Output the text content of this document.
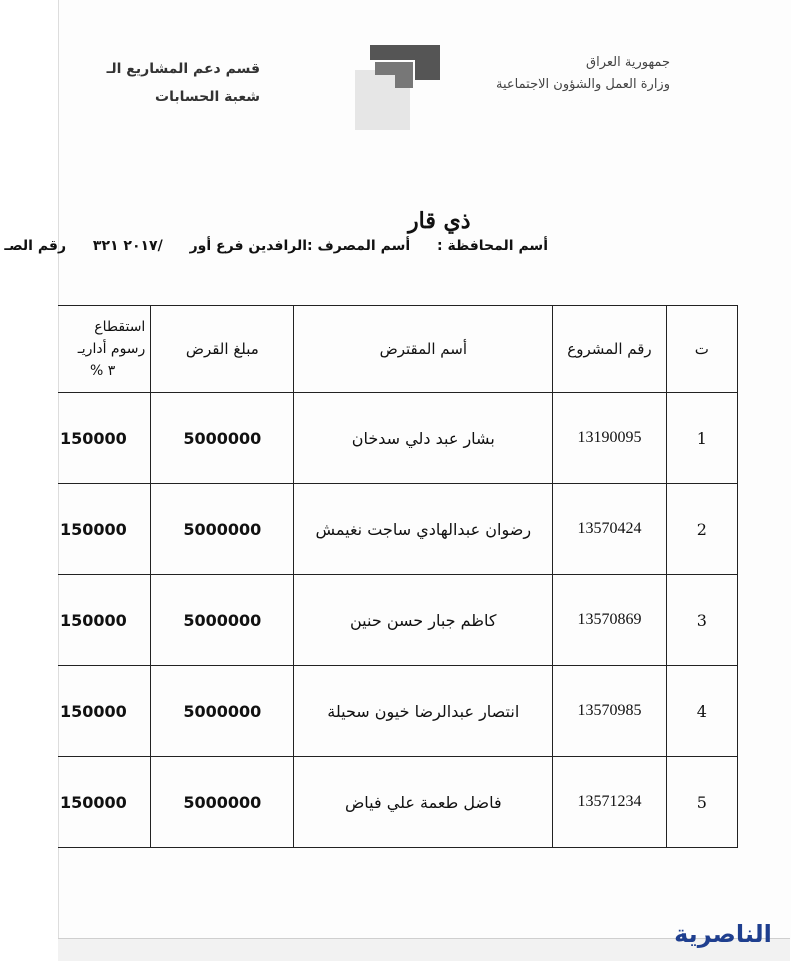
قسم دعم المشاريع الـ
شعبة الحسابات
جمهورية العراق
وزارة العمل والشؤون الاجتماعية
ذي قار
أسم المحافظة : أسم المصرف :الرافدين فرع أور /٢٠١٧ ٣٢١ رقم الصـ
ت	رقم المشروع	أسم المقترض	مبلغ القرض	استقطاع
رسوم أداريـ
٣ %

1	13190095	بشار عبد دلي سدخان	5000000	150000
2	13570424	رضوان عبدالهادي ساجت نغيمش	5000000	150000
3	13570869	كاظم جبار حسن حنين	5000000	150000
4	13570985	انتصار عبدالرضا خيون سحيلة	5000000	150000
5	13571234	فاضل طعمة علي فياض	5000000	150000
الناصرية
